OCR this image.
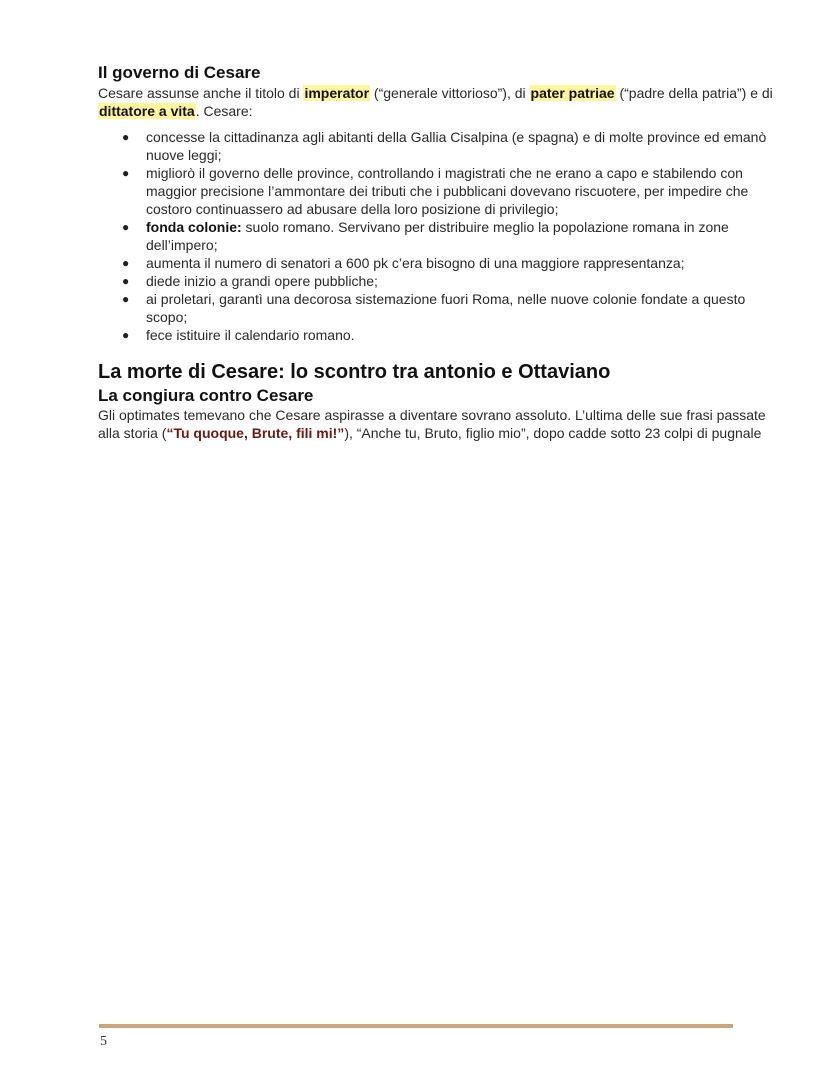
Il governo di Cesare

Cesare assunse anche il titolo di imperator (“generale vittorioso”), di pater patriae (“padre della patria”) e di dittatore a vita. Cesare:

● concesse la cittadinanza agli abitanti della Gallia Cisalpina (e spagna) e di molte province ed emanò nuove leggi;
● migliorò il governo delle province, controllando i magistrati che ne erano a capo e stabilendo con maggior precisione l’ammontare dei tributi che i pubblicani dovevano riscuotere, per impedire che costoro continuassero ad abusare della loro posizione di privilegio;
● fonda colonie: suolo romano. Servivano per distribuire meglio la popolazione romana in zone dell’impero;
● aumenta il numero di senatori a 600 pk c’era bisogno di una maggiore rappresentanza;
● diede inizio a grandi opere pubbliche;
● ai proletari, garantì una decorosa sistemazione fuori Roma, nelle nuove colonie fondate a questo scopo;
● fece istituire il calendario romano.
La morte di Cesare: lo scontro tra antonio e Ottaviano
La congiura contro Cesare

Gli optimates temevano che Cesare aspirasse a diventare sovrano assoluto. L’ultima delle sue frasi passate alla storia (“Tu quoque, Brute, fili mi!”), “Anche tu, Bruto, figlio mio”, dopo cadde sotto 23 colpi di pugnale

5
